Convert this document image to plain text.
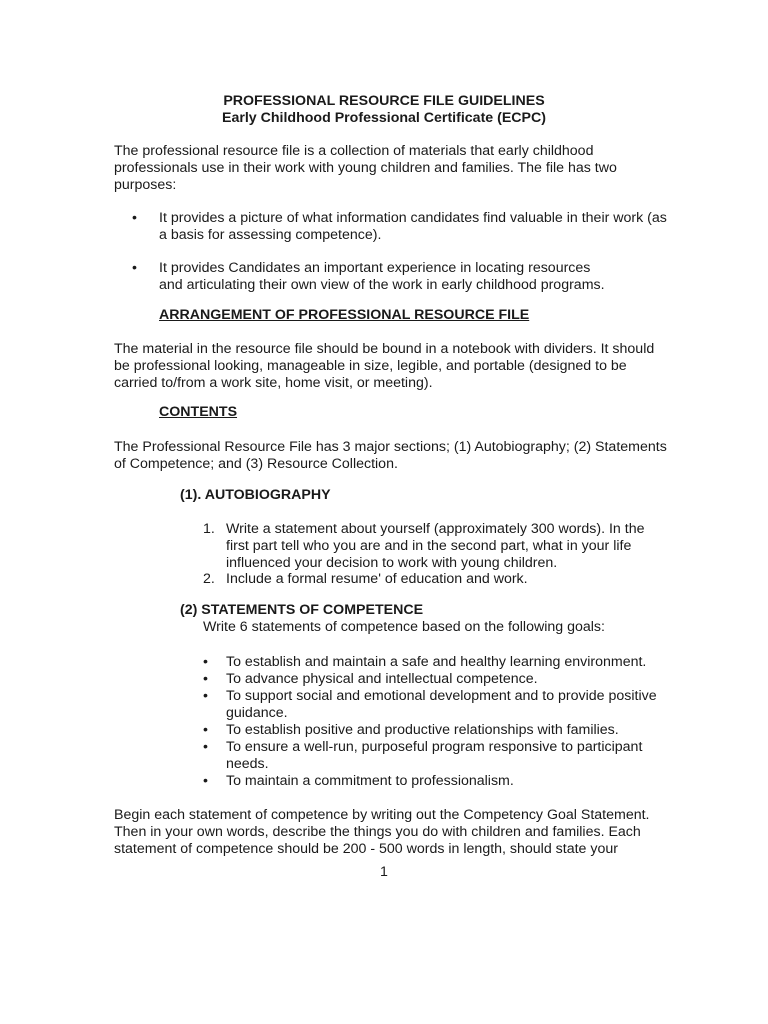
PROFESSIONAL RESOURCE FILE GUIDELINES

Early Childhood Professional Certificate (ECPC)

The professional resource file is a collection of materials that early childhood
professionals use in their work with young children and families. The file has two
purposes:
• It provides a picture of what information candidates find valuable in their work (as
a basis for assessing competence).
• It provides Candidates an important experience in locating resources
and articulating their own view of the work in early childhood programs.

ARRANGEMENT OF PROFESSIONAL RESOURCE FILE

The material in the resource file should be bound in a notebook with dividers. It should
be professional looking, manageable in size, legible, and portable (designed to be
carried to/from a work site, home visit, or meeting).

CONTENTS

The Professional Resource File has 3 major sections; (1) Autobiography; (2) Statements
of Competence; and (3) Resource Collection.

(1). AUTOBIOGRAPHY

1. Write a statement about yourself (approximately 300 words). In the
first part tell who you are and in the second part, what in your life
influenced your decision to work with young children.
2. Include a formal resume' of education and work.

(2) STATEMENTS OF COMPETENCE

Write 6 statements of competence based on the following goals:

• To establish and maintain a safe and healthy learning environment.
• To advance physical and intellectual competence.
• To support social and emotional development and to provide positive
guidance.
• To establish positive and productive relationships with families.
• To ensure a well-run, purposeful program responsive to participant
needs.
• To maintain a commitment to professionalism.
Begin each statement of competence by writing out the Competency Goal Statement.
Then in your own words, describe the things you do with children and families. Each
statement of competence should be 200 - 500 words in length, should state your

1
